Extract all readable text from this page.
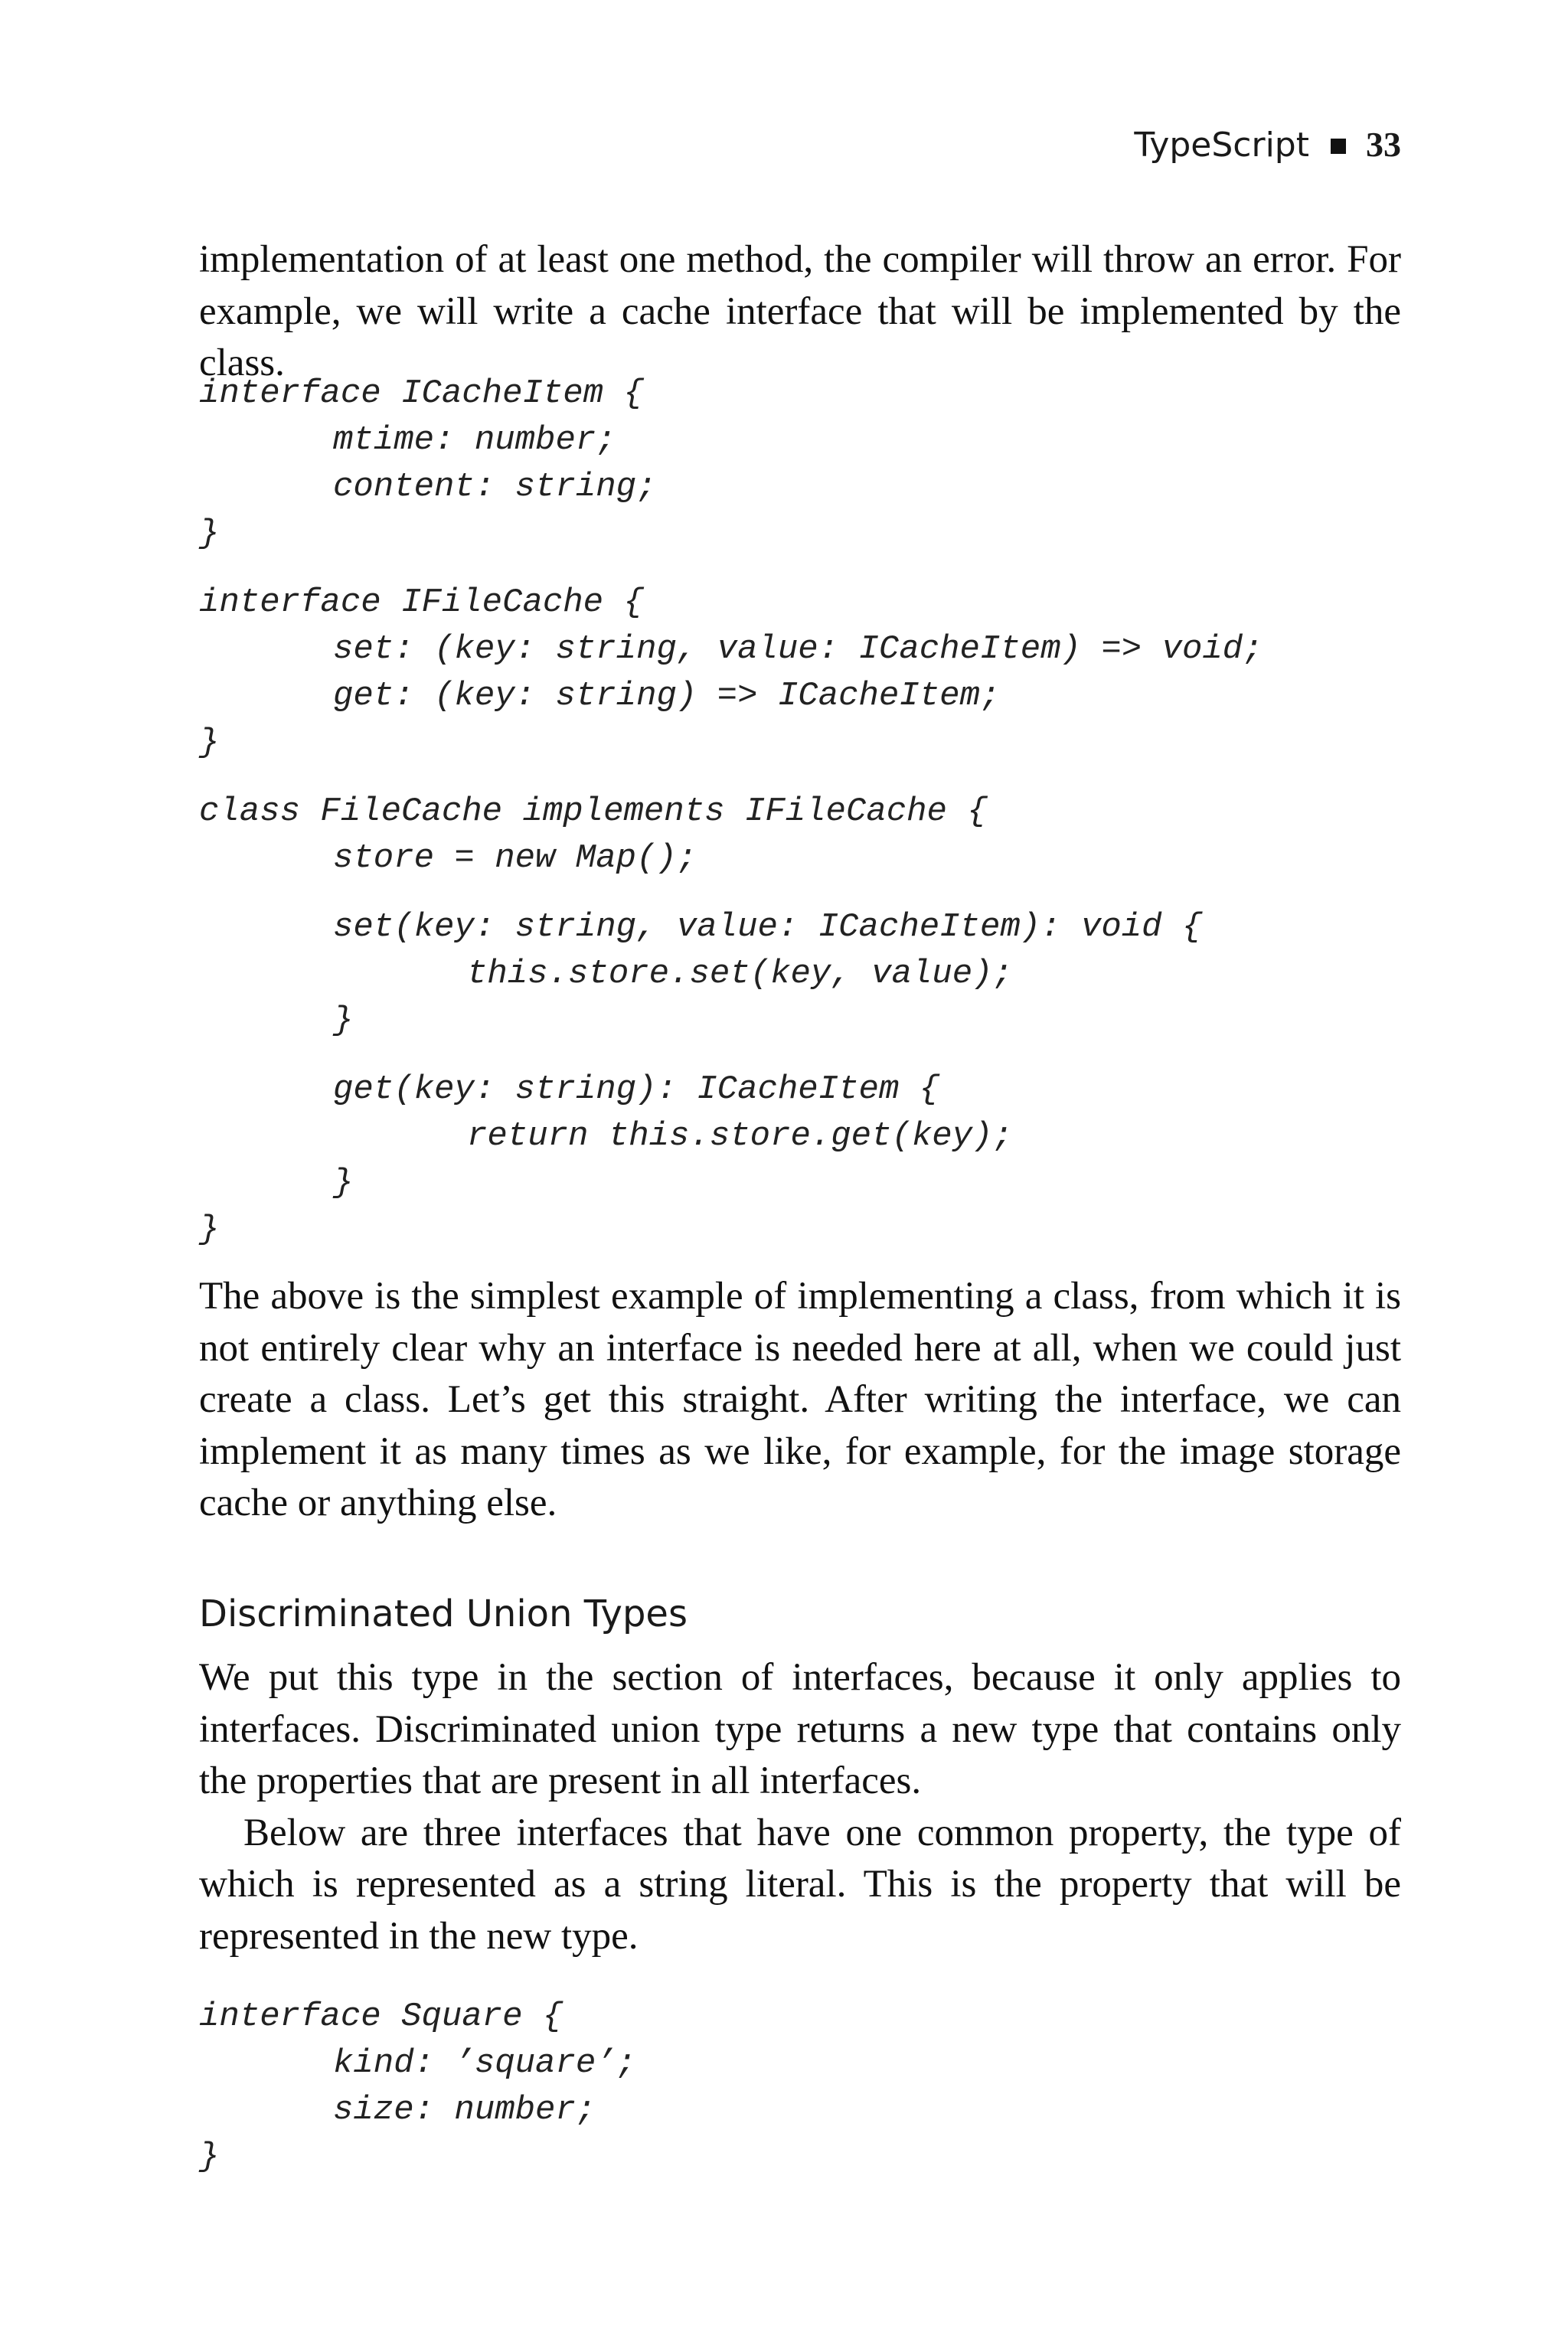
TypeScript 33

implementation of at least one method, the compiler will throw an error. For example, we will write a cache interface that will be implemented by the class.

interface ICacheItem {
mtime: number;
content: string;
}
interface IFileCache {
set: (key: string, value: ICacheItem) => void;
get: (key: string) => ICacheItem;
}
class FileCache implements IFileCache {
store = new Map();
set(key: string, value: ICacheItem): void {
this.store.set(key, value);
}
get(key: string): ICacheItem {
return this.store.get(key);
}
}

The above is the simplest example of implementing a class, from which it is not entirely clear why an interface is needed here at all, when we could just create a class. Let’s get this straight. After writing the interface, we can implement it as many times as we like, for example, for the image storage cache or anything else.

Discriminated Union Types

We put this type in the section of interfaces, because it only applies to interfaces. Discriminated union type returns a new type that contains only the properties that are present in all interfaces.

Below are three interfaces that have one common property, the type of which is represented as a string literal. This is the property that will be represented in the new type.

interface Square {
kind: ’square’;
size: number;
}
